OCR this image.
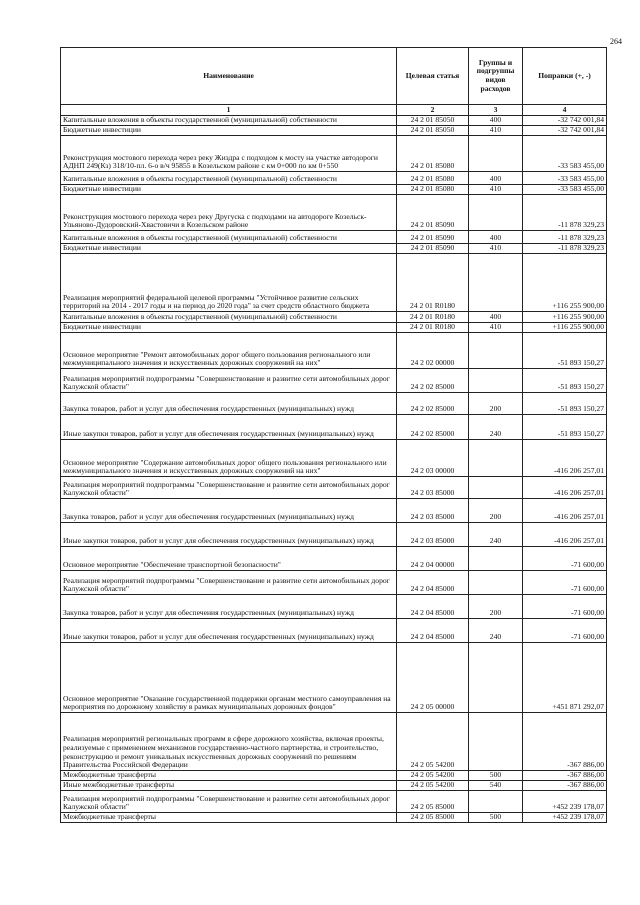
264
Наименование	Целевая статья	Группы и подгруппы видов расходов	Поправки (+, -)
1	2	3	4
Капитальные вложения в объекты государственной (муниципальной) собственности	24 2 01 85050	400	-32 742 001,84
Бюджетные инвестиции	24 2 01 85050	410	-32 742 001,84
Реконструкция мостового перехода через реку Жиздра с подходом к мосту на участке автодороги АДНП 249(Кз) 318/10-пл. 6-о в/ч 95855 в Козельском районе с км 0+000 по км 0+550	24 2 01 85080		-33 583 455,00
Капитальные вложения в объекты государственной (муниципальной) собственности	24 2 01 85080	400	-33 583 455,00
Бюджетные инвестиции	24 2 01 85080	410	-33 583 455,00
Реконструкция мостового перехода через реку Другуска с подходами на автодороге Козельск-Ульяново-Дудоровский-Хвастовичи в Козельском районе	24 2 01 85090		-11 878 329,23
Капитальные вложения в объекты государственной (муниципальной) собственности	24 2 01 85090	400	-11 878 329,23
Бюджетные инвестиции	24 2 01 85090	410	-11 878 329,23
Реализация мероприятий федеральной целевой программы "Устойчивое развитие сельских территорий на 2014 - 2017 годы и на период до 2020 года" за счет средств областного бюджета	24 2 01 R0180		+116 255 900,00
Капитальные вложения в объекты государственной (муниципальной) собственности	24 2 01 R0180	400	+116 255 900,00
Бюджетные инвестиции	24 2 01 R0180	410	+116 255 900,00
Основное мероприятие "Ремонт автомобильных дорог общего пользования регионального или межмуниципального значения и искусственных дорожных сооружений на них"	24 2 02 00000		-51 893 150,27
Реализация мероприятий подпрограммы "Совершенствование и развитие сети автомобильных дорог Калужской области"	24 2 02 85000		-51 893 150,27
Закупка товаров, работ и услуг для обеспечения государственных (муниципальных) нужд	24 2 02 85000	200	-51 893 150,27
Иные закупки товаров, работ и услуг для обеспечения государственных (муниципальных) нужд	24 2 02 85000	240	-51 893 150,27
Основное мероприятие "Содержание автомобильных дорог общего пользования регионального или межмуниципального значения и искусственных дорожных сооружений на них"	24 2 03 00000		-416 206 257,01
Реализация мероприятий подпрограммы "Совершенствование и развитие сети автомобильных дорог Калужской области"	24 2 03 85000		-416 206 257,01
Закупка товаров, работ и услуг для обеспечения государственных (муниципальных) нужд	24 2 03 85000	200	-416 206 257,01
Иные закупки товаров, работ и услуг для обеспечения государственных (муниципальных) нужд	24 2 03 85000	240	-416 206 257,01
Основное мероприятие "Обеспечение транспортной безопасности"	24 2 04 00000		-71 600,00
Реализация мероприятий подпрограммы "Совершенствование и развитие сети автомобильных дорог Калужской области"	24 2 04 85000		-71 600,00
Закупка товаров, работ и услуг для обеспечения государственных (муниципальных) нужд	24 2 04 85000	200	-71 600,00
Иные закупки товаров, работ и услуг для обеспечения государственных (муниципальных) нужд	24 2 04 85000	240	-71 600,00
Основное мероприятие "Оказание государственной поддержки органам местного самоуправления на мероприятия по дорожному хозяйству в рамках муниципальных дорожных фондов"	24 2 05 00000		+451 871 292,07
Реализация мероприятий региональных программ в сфере дорожного хозяйства, включая проекты, реализуемые с применением механизмов государственно-частного партнерства, и строительство, реконструкцию и ремонт уникальных искусственных дорожных сооружений по решениям Правительства Российской Федерации	24 2 05 54200		-367 886,00
Межбюджетные трансферты	24 2 05 54200	500	-367 886,00
Иные межбюджетные трансферты	24 2 05 54200	540	-367 886,00
Реализация мероприятий подпрограммы "Совершенствование и развитие сети автомобильных дорог Калужской области"	24 2 05 85000		+452 239 178,07
Межбюджетные трансферты	24 2 05 85000	500	+452 239 178,07
